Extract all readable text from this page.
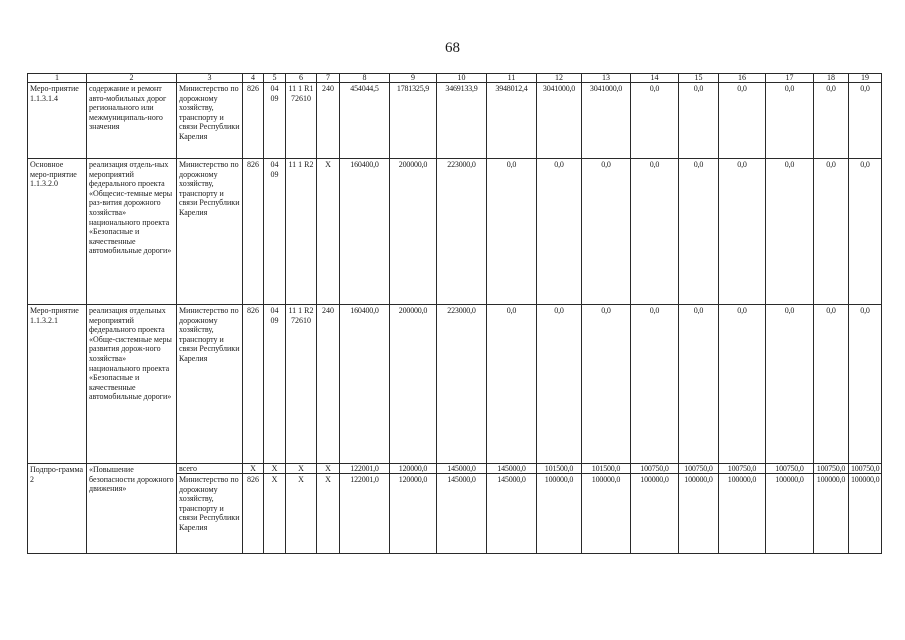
68
1	2	3	4	5	6	7	8	9	10	11	12	13	14	15	16	17	18	19
Меро-приятие 1.1.3.1.4	содержание и ремонт авто-мобильных дорог регионального или межмуниципаль-ного значения	Министерство по дорожному хозяйству, транспорту и связи Республики Карелия	826	04 09	11 1 R1 72610	240	454044,5	1781325,9	3469133,9	3948012,4	3041000,0	3041000,0	0,0	0,0	0,0	0,0	0,0	0,0
Основное меро-приятие 1.1.3.2.0	реализация отдель-ных мероприятий федерального проекта «Общесис-темные меры раз-вития дорожного хозяйства» национального проекта «Безопасные и качественные автомобильные дороги»	Министерство по дорожному хозяйству, транспорту и связи Республики Карелия	826	04 09	11 1 R2	Х	160400,0	200000,0	223000,0	0,0	0,0	0,0	0,0	0,0	0,0	0,0	0,0	0,0
Меро-приятие 1.1.3.2.1	реализация отдельных мероприятий федерального проекта «Обще-системные меры развития дорож-ного хозяйства» национального проекта «Безопасные и качественные автомобильные дороги»	Министерство по дорожному хозяйству, транспорту и связи Республики Карелия	826	04 09	11 1 R2 72610	240	160400,0	200000,0	223000,0	0,0	0,0	0,0	0,0	0,0	0,0	0,0	0,0	0,0
Подпро-грамма 2	«Повышение безопасности дорожного движения»	всего	Х	Х	Х	Х	122001,0	120000,0	145000,0	145000,0	101500,0	101500,0	100750,0	100750,0	100750,0	100750,0	100750,0	100750,0
		Министерство по дорожному хозяйству, транспорту и связи Республики Карелия	826	Х	Х	Х	122001,0	120000,0	145000,0	145000,0	100000,0	100000,0	100000,0	100000,0	100000,0	100000,0	100000,0	100000,0
